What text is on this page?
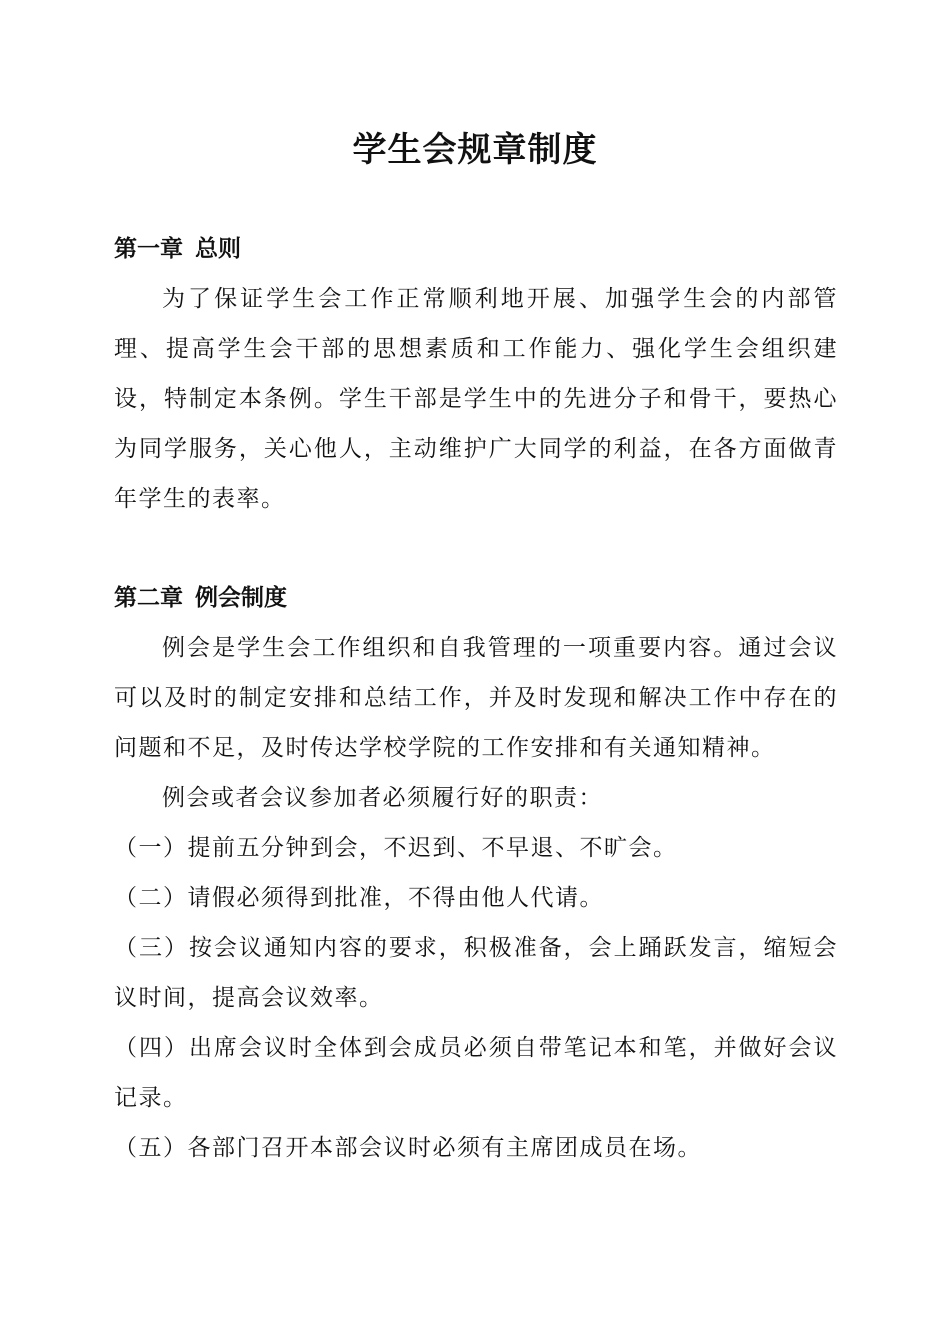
学生会规章制度
第一章 总则

为了保证学生会工作正常顺利地开展、加强学生会的内部管理、提高学生会干部的思想素质和工作能力、强化学生会组织建设，特制定本条例。学生干部是学生中的先进分子和骨干，要热心为同学服务，关心他人，主动维护广大同学的利益，在各方面做青年学生的表率。

第二章 例会制度

例会是学生会工作组织和自我管理的一项重要内容。通过会议可以及时的制定安排和总结工作，并及时发现和解决工作中存在的问题和不足，及时传达学校学院的工作安排和有关通知精神。

例会或者会议参加者必须履行好的职责：

（一）提前五分钟到会，不迟到、不早退、不旷会。

（二）请假必须得到批准，不得由他人代请。

（三）按会议通知内容的要求，积极准备，会上踊跃发言，缩短会议时间，提高会议效率。

（四）出席会议时全体到会成员必须自带笔记本和笔，并做好会议记录。

（五）各部门召开本部会议时必须有主席团成员在场。
